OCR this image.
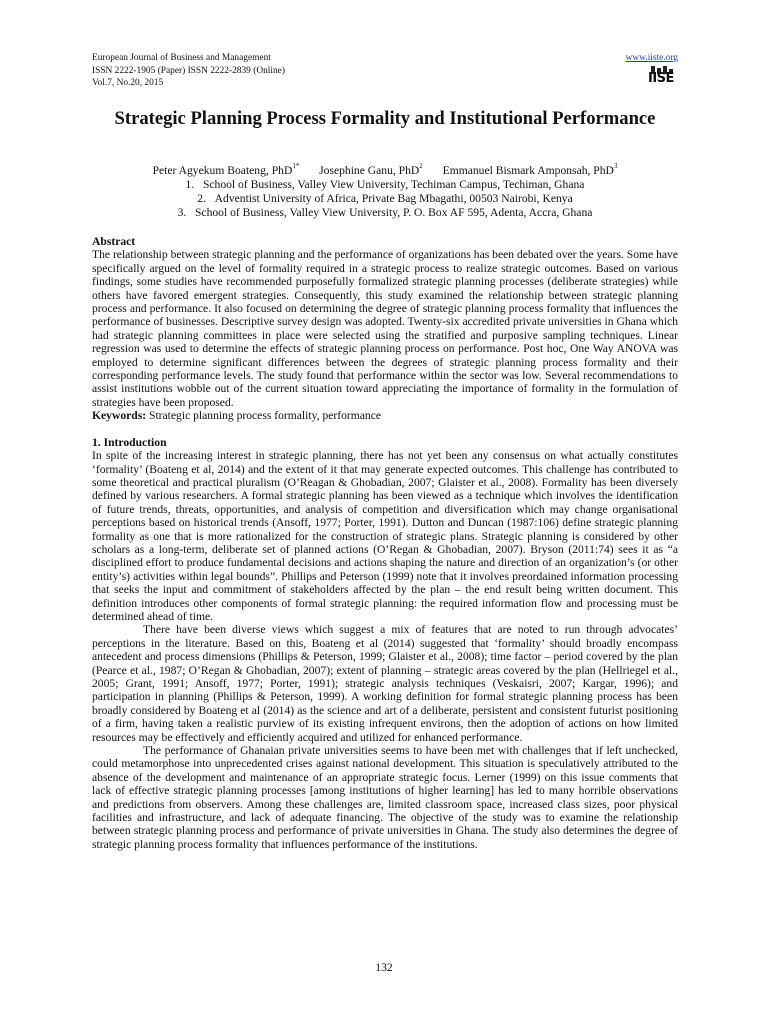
European Journal of Business and Management
ISSN 2222-1905 (Paper) ISSN 2222-2839 (Online)
Vol.7, No.20, 2015
www.iiste.org
IISE
Strategic Planning Process Formality and Institutional Performance
Peter Agyekum Boateng, PhD$^{1*}$ Josephine Ganu, PhD$^2$ Emmanuel Bismark Amponsah, PhD$^3$
1.   School of Business, Valley View University, Techiman Campus, Techiman, Ghana
2.   Adventist University of Africa, Private Bag Mbagathi, 00503 Nairobi, Kenya
3.   School of Business, Valley View University, P. O. Box AF 595, Adenta, Accra, Ghana

Abstract

The relationship between strategic planning and the performance of organizations has been debated over the years. Some have specifically argued on the level of formality required in a strategic process to realize strategic outcomes. Based on various findings, some studies have recommended purposefully formalized strategic planning processes (deliberate strategies) while others have favored emergent strategies. Consequently, this study examined the relationship between strategic planning process and performance. It also focused on determining the degree of strategic planning process formality that influences the performance of businesses. Descriptive survey design was adopted. Twenty-six accredited private universities in Ghana which had strategic planning committees in place were selected using the stratified and purposive sampling techniques. Linear regression was used to determine the effects of strategic planning process on performance. Post hoc, One Way ANOVA was employed to determine significant differences between the degrees of strategic planning process formality and their corresponding performance levels. The study found that performance within the sector was low. Several recommendations to assist institutions wobble out of the current situation toward appreciating the importance of formality in the formulation of strategies have been proposed.

Keywords: Strategic planning process formality, performance

1. Introduction

In spite of the increasing interest in strategic planning, there has not yet been any consensus on what actually constitutes ‘formality’ (Boateng et al, 2014) and the extent of it that may generate expected outcomes. This challenge has contributed to some theoretical and practical pluralism (O’Reagan & Ghobadian, 2007; Glaister et al., 2008). Formality has been diversely defined by various researchers. A formal strategic planning has been viewed as a technique which involves the identification of future trends, threats, opportunities, and analysis of competition and diversification which may change organisational perceptions based on historical trends (Ansoff, 1977; Porter, 1991). Dutton and Duncan (1987:106) define strategic planning formality as one that is more rationalized for the construction of strategic plans. Strategic planning is considered by other scholars as a long-term, deliberate set of planned actions (O’Regan & Ghobadian, 2007). Bryson (2011:74) sees it as “a disciplined effort to produce fundamental decisions and actions shaping the nature and direction of an organization’s (or other entity’s) activities within legal bounds”. Phillips and Peterson (1999) note that it involves preordained information processing that seeks the input and commitment of stakeholders affected by the plan – the end result being written document. This definition introduces other components of formal strategic planning: the required information flow and processing must be determined ahead of time.

There have been diverse views which suggest a mix of features that are noted to run through advocates’ perceptions in the literature. Based on this, Boateng et al (2014) suggested that ‘formality’ should broadly encompass antecedent and process dimensions (Phillips & Peterson, 1999; Glaister et al., 2008); time factor – period covered by the plan (Pearce et al., 1987; O’Regan & Ghobadian, 2007); extent of planning – strategic areas covered by the plan (Hellriegel et al., 2005; Grant, 1991; Ansoff, 1977; Porter, 1991); strategic analysis techniques (Veskaisri, 2007; Kargar, 1996); and participation in planning (Phillips & Peterson, 1999). A working definition for formal strategic planning process has been broadly considered by Boateng et al (2014) as the science and art of a deliberate, persistent and consistent futurist positioning of a firm, having taken a realistic purview of its existing infrequent environs, then the adoption of actions on how limited resources may be effectively and efficiently acquired and utilized for enhanced performance.

The performance of Ghanaian private universities seems to have been met with challenges that if left unchecked, could metamorphose into unprecedented crises against national development. This situation is speculatively attributed to the absence of the development and maintenance of an appropriate strategic focus. Lerner (1999) on this issue comments that lack of effective strategic planning processes [among institutions of higher learning] has led to many horrible observations and predictions from observers. Among these challenges are, limited classroom space, increased class sizes, poor physical facilities and infrastructure, and lack of adequate financing. The objective of the study was to examine the relationship between strategic planning process and performance of private universities in Ghana. The study also determines the degree of strategic planning process formality that influences performance of the institutions.

132
